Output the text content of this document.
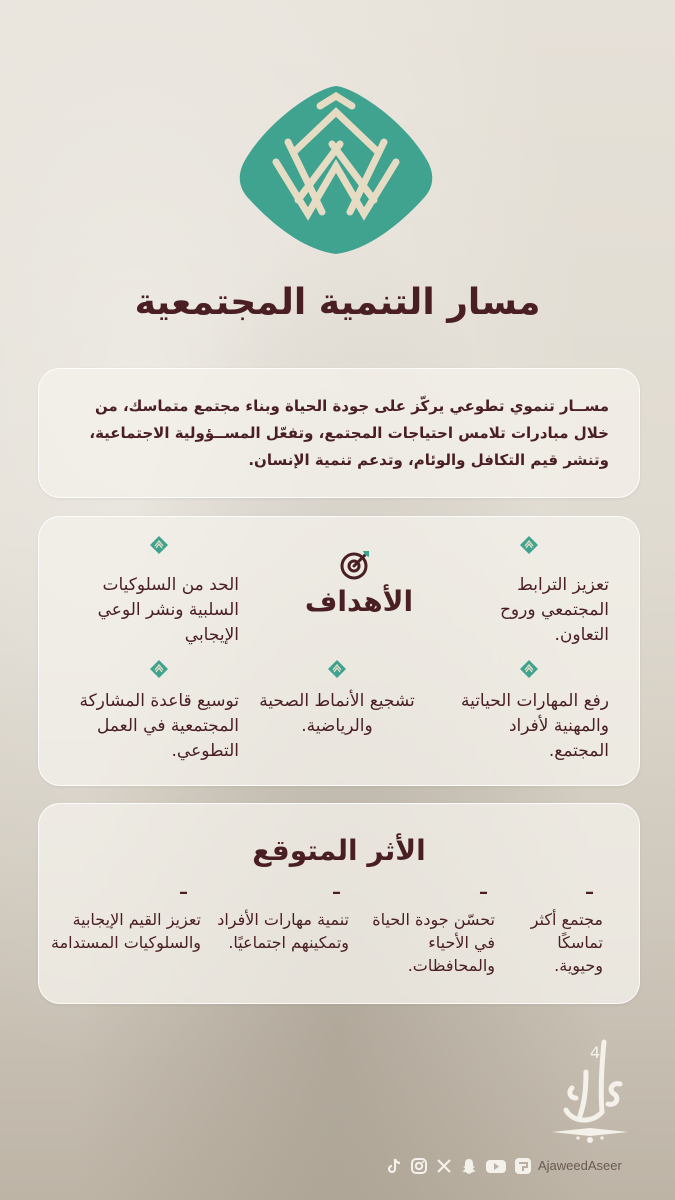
مسار التنمية المجتمعية

مســار تنموي تطوعي يركّز على جودة الحياة وبناء مجتمع متماسك، من خلال مبادرات تلامس احتياجات المجتمع، وتفعّل المســؤولية الاجتماعية، وتنشر قيم التكافل والوئام، وتدعم تنمية الإنسان.

الأهداف	تعزيز الترابط المجتمعي وروح التعاون.
الحد من السلوكيات السلبية ونشر الوعي الإيجابي
رفع المهارات الحياتية والمهنية لأفراد المجتمع.
تشجيع الأنماط الصحية والرياضية.
توسيع قاعدة المشاركة المجتمعية في العمل التطوعي.
الأثر المتوقع
–
مجتمع أكثر تماسكًا وحيوية.
–
تحسّن جودة الحياة في الأحياء والمحافظات.
–
تنمية مهارات الأفراد وتمكينهم اجتماعيًا.
–
تعزيز القيم الإيجابية والسلوكيات المستدامة
4
AjaweedAseer
